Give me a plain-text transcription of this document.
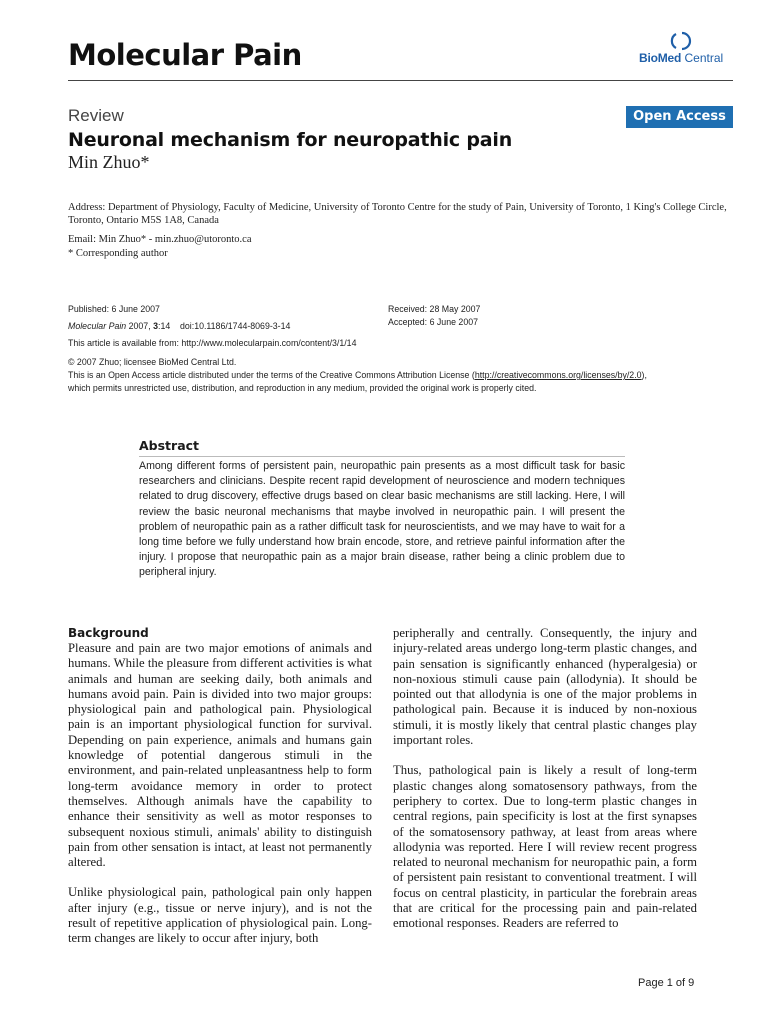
Molecular Pain	BioMed Central
Review	Open Access
Neuronal mechanism for neuropathic pain
Min Zhuo*
Address: Department of Physiology, Faculty of Medicine, University of Toronto Centre for the study of Pain, University of Toronto, 1 King's College Circle, Toronto, Ontario M5S 1A8, Canada
Email: Min Zhuo* - min.zhuo@utoronto.ca
* Corresponding author
Published: 6 June 2007
Molecular Pain 2007, 3:14    doi:10.1186/1744-8069-3-14
Received: 28 May 2007
Accepted: 6 June 2007
This article is available from: http://www.molecularpain.com/content/3/1/14
© 2007 Zhuo; licensee BioMed Central Ltd.
This is an Open Access article distributed under the terms of the Creative Commons Attribution License (http://creativecommons.org/licenses/by/2.0),
which permits unrestricted use, distribution, and reproduction in any medium, provided the original work is properly cited.
Abstract
Among different forms of persistent pain, neuropathic pain presents as a most difficult task for basic researchers and clinicians. Despite recent rapid development of neuroscience and modern techniques related to drug discovery, effective drugs based on clear basic mechanisms are still lacking. Here, I will review the basic neuronal mechanisms that maybe involved in neuropathic pain. I will present the problem of neuropathic pain as a rather difficult task for neuroscientists, and we may have to wait for a long time before we fully understand how brain encode, store, and retrieve painful information after the injury. I propose that neuropathic pain as a major brain disease, rather being a clinic problem due to peripheral injury.
Background

Pleasure and pain are two major emotions of animals and humans. While the pleasure from different activities is what animals and human are seeking daily, both animals and humans avoid pain. Pain is divided into two major groups: physiological pain and pathological pain. Physiological pain is an important physiological function for survival. Depending on pain experience, animals and humans gain knowledge of potential dangerous stimuli in the environment, and pain-related unpleasantness help to form long-term avoidance memory in order to protect themselves. Although animals have the capability to enhance their sensitivity as well as motor responses to subsequent noxious stimuli, animals' ability to distinguish pain from other sensation is intact, at least not permanently altered.

Unlike physiological pain, pathological pain only happen after injury (e.g., tissue or nerve injury), and is not the result of repetitive application of physiological pain. Long-term changes are likely to occur after injury, both

peripherally and centrally. Consequently, the injury and injury-related areas undergo long-term plastic changes, and pain sensation is significantly enhanced (hyperalgesia) or non-noxious stimuli cause pain (allodynia). It should be pointed out that allodynia is one of the major problems in pathological pain. Because it is induced by non-noxious stimuli, it is mostly likely that central plastic changes play important roles.

Thus, pathological pain is likely a result of long-term plastic changes along somatosensory pathways, from the periphery to cortex. Due to long-term plastic changes in central regions, pain specificity is lost at the first synapses of the somatosensory pathway, at least from areas where allodynia was reported. Here I will review recent progress related to neuronal mechanism for neuropathic pain, a form of persistent pain resistant to conventional treatment. I will focus on central plasticity, in particular the forebrain areas that are critical for the processing pain and pain-related emotional responses. Readers are referred to

Page 1 of 9
